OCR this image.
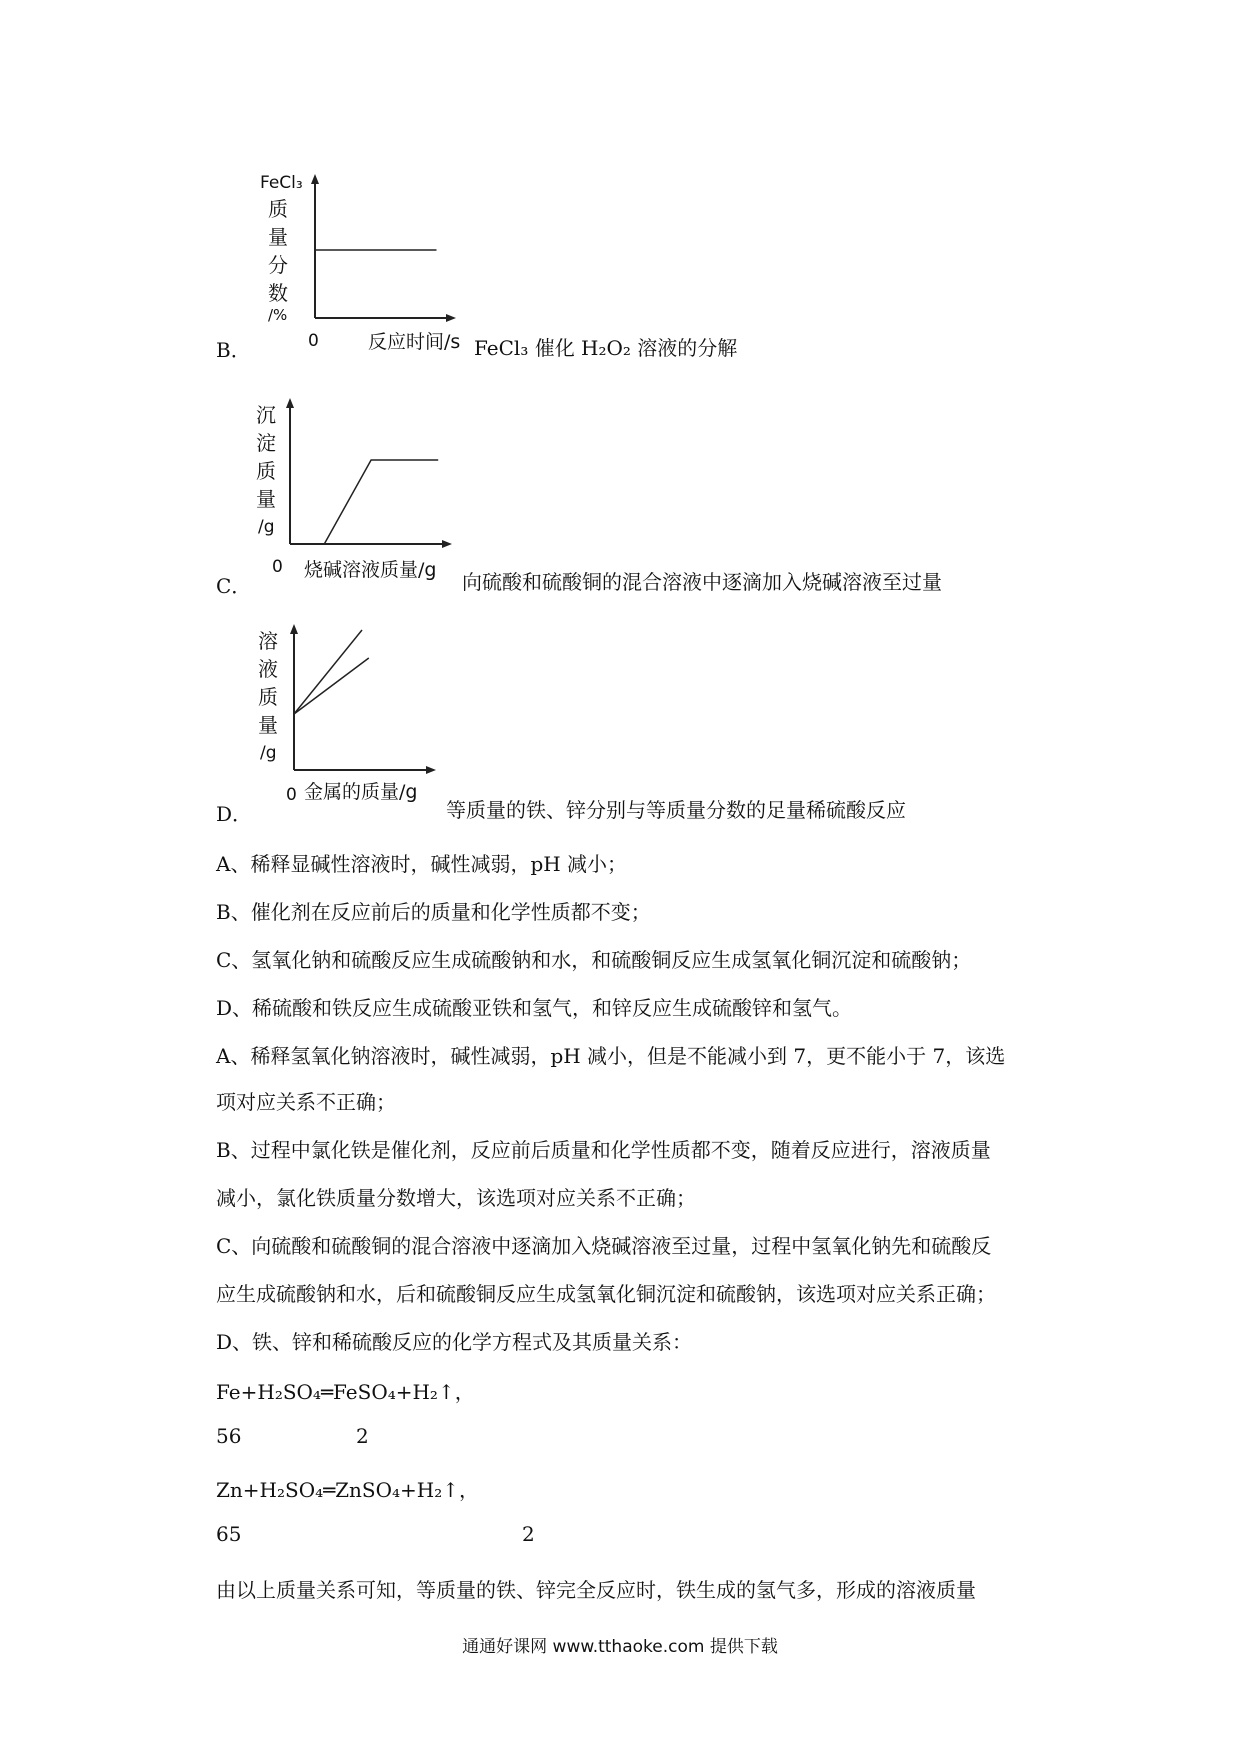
FeCl₃
质
量
分
数
/%
0	反应时间/s
B．	FeCl₃ 催化 H₂O₂ 溶液的分解
沉
淀
质
量
/g
0 烧碱溶液质量/g
C．	向硫酸和硫酸铜的混合溶液中逐滴加入烧碱溶液至过量
溶
液
质
量
/g
0 金属的质量/g
D．	等质量的铁、锌分别与等质量分数的足量稀硫酸反应
A、稀释显碱性溶液时，碱性减弱，pH 减小；
B、催化剂在反应前后的质量和化学性质都不变；
C、氢氧化钠和硫酸反应生成硫酸钠和水，和硫酸铜反应生成氢氧化铜沉淀和硫酸钠；
D、稀硫酸和铁反应生成硫酸亚铁和氢气，和锌反应生成硫酸锌和氢气。
A、稀释氢氧化钠溶液时，碱性减弱，pH 减小，但是不能减小到 7，更不能小于 7，该选
项对应关系不正确；
B、过程中氯化铁是催化剂，反应前后质量和化学性质都不变，随着反应进行，溶液质量
减小，氯化铁质量分数增大，该选项对应关系不正确；
C、向硫酸和硫酸铜的混合溶液中逐滴加入烧碱溶液至过量，过程中氢氧化钠先和硫酸反
应生成硫酸钠和水，后和硫酸铜反应生成氢氧化铜沉淀和硫酸钠，该选项对应关系正确；
D、铁、锌和稀硫酸反应的化学方程式及其质量关系：
Fe+H₂SO₄═FeSO₄+H₂↑，
56	2
Zn+H₂SO₄═ZnSO₄+H₂↑，
65	2
由以上质量关系可知，等质量的铁、锌完全反应时，铁生成的氢气多，形成的溶液质量
通通好课网 www.tthaoke.com 提供下载
